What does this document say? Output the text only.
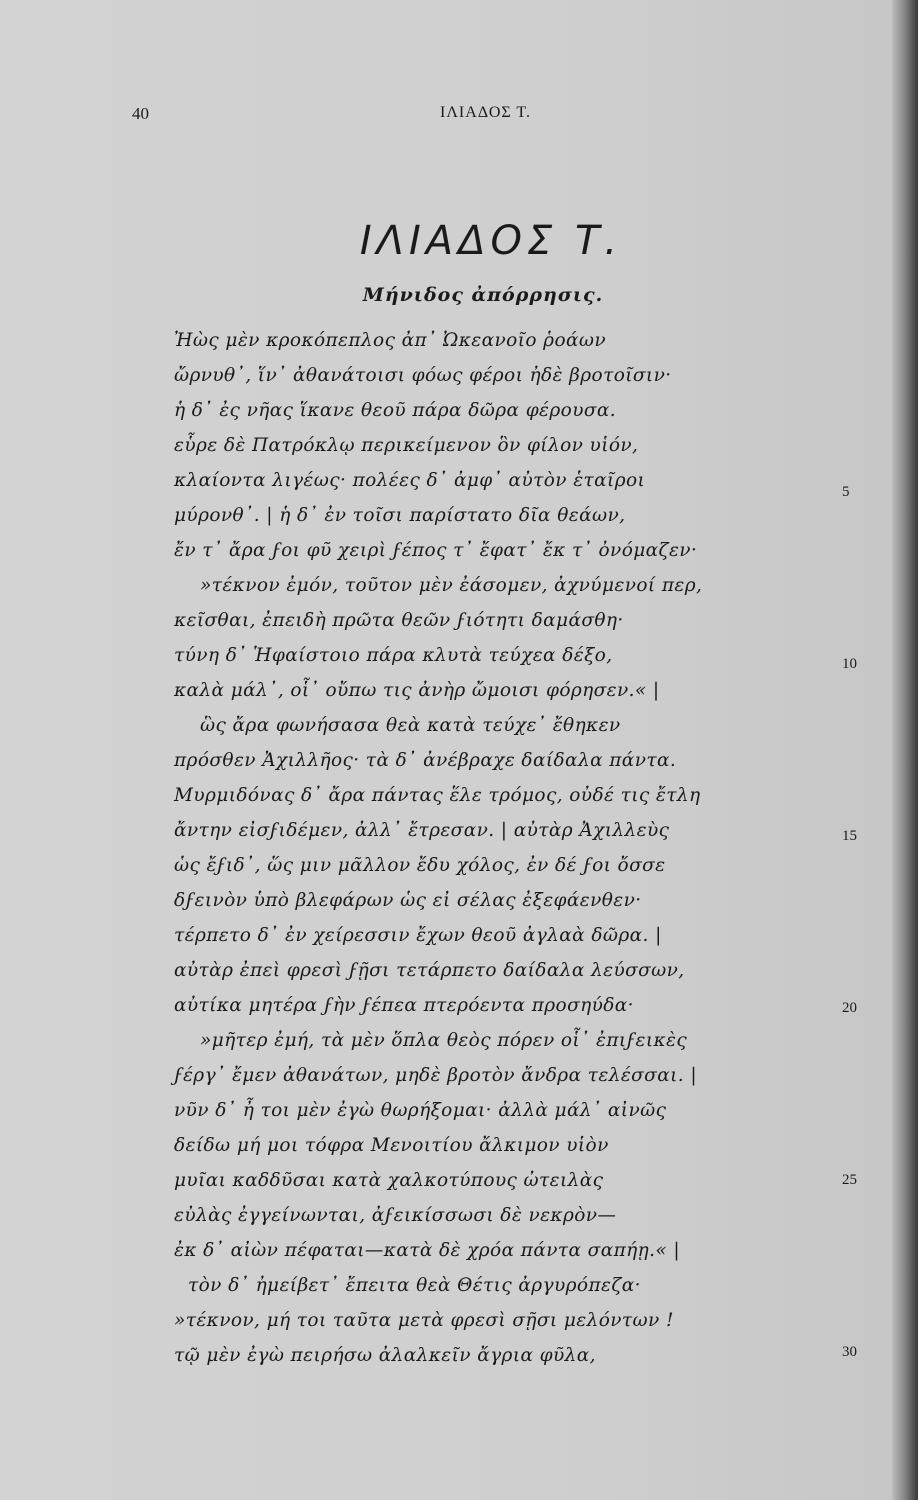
40	ΙΛΙΑΔΟΣ Τ.
ΙΛΙΑΔΟΣ Τ.
Μήνιδος ἀπόρρησις.
Ἠὼς μὲν κροκόπεπλος ἀπ᾽ Ὠκεανοῖο ῥοάων
ὤρνυθ᾽, ἵν᾽ ἀθανάτοισι φόως φέροι ἠδὲ βροτοῖσιν·
ἡ δ᾽ ἐς νῆας ἵκανε θεοῦ πάρα δῶρα φέρουσα.
εὗρε δὲ Πατρόκλῳ περικείμενον ὃν φίλον υἱόν,
κλαίοντα λιγέως· πολέες δ᾽ ἀμφ᾽ αὐτὸν ἑταῖροι
μύρονθ᾽. | ἡ δ᾽ ἐν τοῖσι παρίστατο δῖα θεάων,
ἔν τ᾽ ἄρα ϝοι φῦ χειρὶ ϝέπος τ᾽ ἔφατ᾽ ἔκ τ᾽ ὀνόμαζεν·
»τέκνον ἐμόν, τοῦτον μὲν ἐάσομεν, ἀχνύμενοί περ,
κεῖσθαι, ἐπειδὴ πρῶτα θεῶν ϝιότητι δαμάσθη·
τύνη δ᾽ Ἡφαίστοιο πάρα κλυτὰ τεύχεα δέξο,
καλὰ μάλ᾽, οἷ᾽ οὔπω τις ἀνὴρ ὤμοισι φόρησεν.« |
ὣς ἄρα φωνήσασα θεὰ κατὰ τεύχε᾽ ἔθηκεν
πρόσθεν Ἀχιλλῆος· τὰ δ᾽ ἀνέβραχε δαίδαλα πάντα.
Μυρμιδόνας δ᾽ ἄρα πάντας ἕλε τρόμος, οὐδέ τις ἔτλη
ἄντην εἰσϝιδέμεν, ἀλλ᾽ ἔτρεσαν. | αὐτὰρ Ἀχιλλεὺς
ὡς ἔϝιδ᾽, ὥς μιν μᾶλλον ἔδυ χόλος, ἐν δέ ϝοι ὄσσε
δϝεινὸν ὑπὸ βλεφάρων ὡς εἰ σέλας ἐξεφάενθεν·
τέρπετο δ᾽ ἐν χείρεσσιν ἔχων θεοῦ ἀγλαὰ δῶρα. |
αὐτὰρ ἐπεὶ φρεσὶ ϝῇσι τετάρπετο δαίδαλα λεύσσων,
αὐτίκα μητέρα ϝὴν ϝέπεα πτερόεντα προσηύδα·
»μῆτερ ἐμή, τὰ μὲν ὅπλα θεὸς πόρεν οἷ᾽ ἐπιϝεικὲς
ϝέργ᾽ ἔμεν ἀθανάτων, μηδὲ βροτὸν ἄνδρα τελέσσαι. |
νῦν δ᾽ ἦ τοι μὲν ἐγὼ θωρήξομαι· ἀλλὰ μάλ᾽ αἰνῶς
δείδω μή μοι τόφρα Μενοιτίου ἄλκιμον υἱὸν
μυῖαι καδδῦσαι κατὰ χαλκοτύπους ὠτειλὰς
εὐλὰς ἐγγείνωνται, ἀϝεικίσσωσι δὲ νεκρὸν—
ἐκ δ᾽ αἰὼν πέφαται—κατὰ δὲ χρόα πάντα σαπήῃ.« |
τὸν δ᾽ ἠμείβετ᾽ ἔπειτα θεὰ Θέτις ἀργυρόπεζα·
»τέκνον, μή τοι ταῦτα μετὰ φρεσὶ σῇσι μελόντων !
τῷ μὲν ἐγὼ πειρήσω ἀλαλκεῖν ἄγρια φῦλα,
5
10
15
20
25
30
